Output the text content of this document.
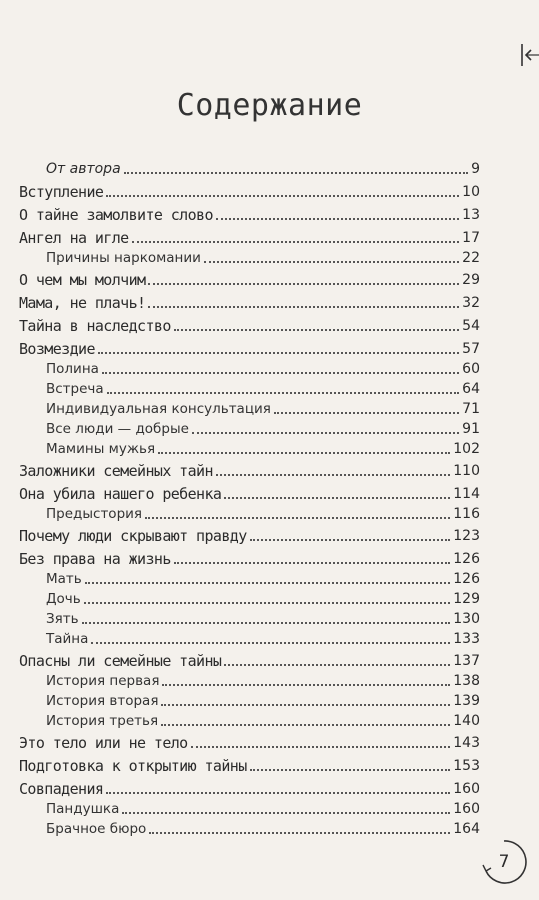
Содержание
От автора	9
Вступление	10
О тайне замолвите слово	13
Ангел на игле	17
Причины наркомании	22
О чем мы молчим	29
Мама, не плачь!	32
Тайна в наследство	54
Возмездие	57
Полина	60
Встреча	64
Индивидуальная консультация	71
Все люди — добрые	91
Мамины мужья	102
Заложники семейных тайн	110
Она убила нашего ребенка	114
Предыстория	116
Почему люди скрывают правду	123
Без права на жизнь	126
Мать	126
Дочь	129
Зять	130
Тайна	133
Опасны ли семейные тайны	137
История первая	138
История вторая	139
История третья	140
Это тело или не тело	143
Подготовка к открытию тайны	153
Совпадения	160
Пандушка	160
Брачное бюро	164
7
